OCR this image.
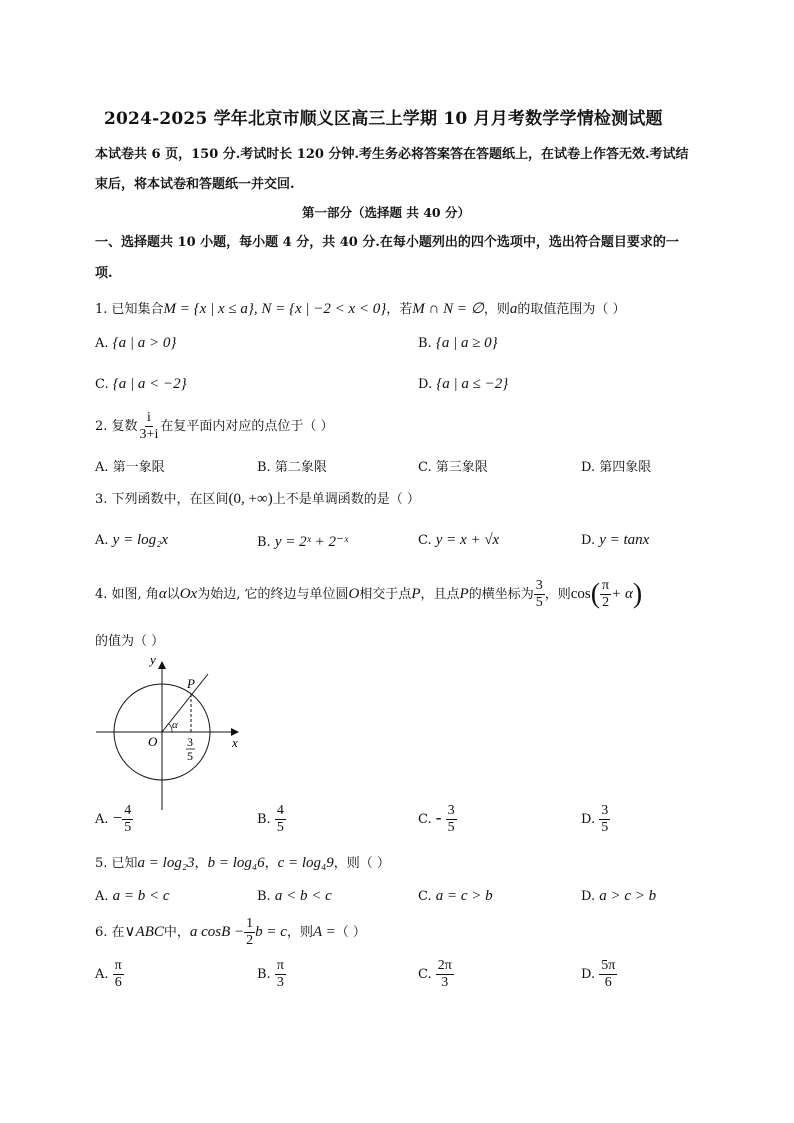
2024-2025 学年北京市顺义区高三上学期 10 月月考数学学情检测试题
本试卷共 6 页，150 分.考试时长 120 分钟.考生务必将答案答在答题纸上，在试卷上作答无效.考试结
束后，将本试卷和答题纸一并交回.
第一部分（选择题 共 40 分）
一、选择题共 10 小题，每小题 4 分，共 40 分.在每小题列出的四个选项中，选出符合题目要求的一
项.
1. 已知集合M = {x | x ≤ a}, N = {x | −2 < x < 0}，若M ∩ N = ∅，则a的取值范围为（ ）
A. {a | a > 0}	B. {a | a ≥ 0}
C. {a | a < −2}	D. {a | a ≤ −2}
2. 复数 $\frac{i}{3+i}$ 在复平面内对应的点位于（ ）
A. 第一象限	B. 第二象限	C. 第三象限	D. 第四象限
3. 下列函数中，在区间(0, +∞)上不是单调函数的是（ ）
A. y = log₂x	B. y = 2ˣ + 2⁻ˣ	C. y = x + √x	D. y = tanx
4. 如图, 角α以Ox为始边, 它的终边与单位圆O相交于点P，且点P的横坐标为 $\frac{3}{5}$ ，则$\cos( \frac{\pi}{2} + \alpha)$
的值为（ ）
y
x
O
P
α
3
5
A. − $\frac{4}{5}$	B. $\frac{4}{5}$	C. - $\frac{3}{5}$	D. $\frac{3}{5}$
5. 已知a = log₂3，b = log₄6，c = log₄9，则（ ）
A. a = b < c	B. a < b < c	C. a = c > b	D. a > c > b
6. 在∨ABC中，a $\cos B - \frac{1}{2}$ b = c，则A =（ ）
A. $\frac{\pi}{6}$	B. $\frac{\pi}{3}$	C. $\frac{2\pi}{3}$	D. $\frac{5\pi}{6}$
